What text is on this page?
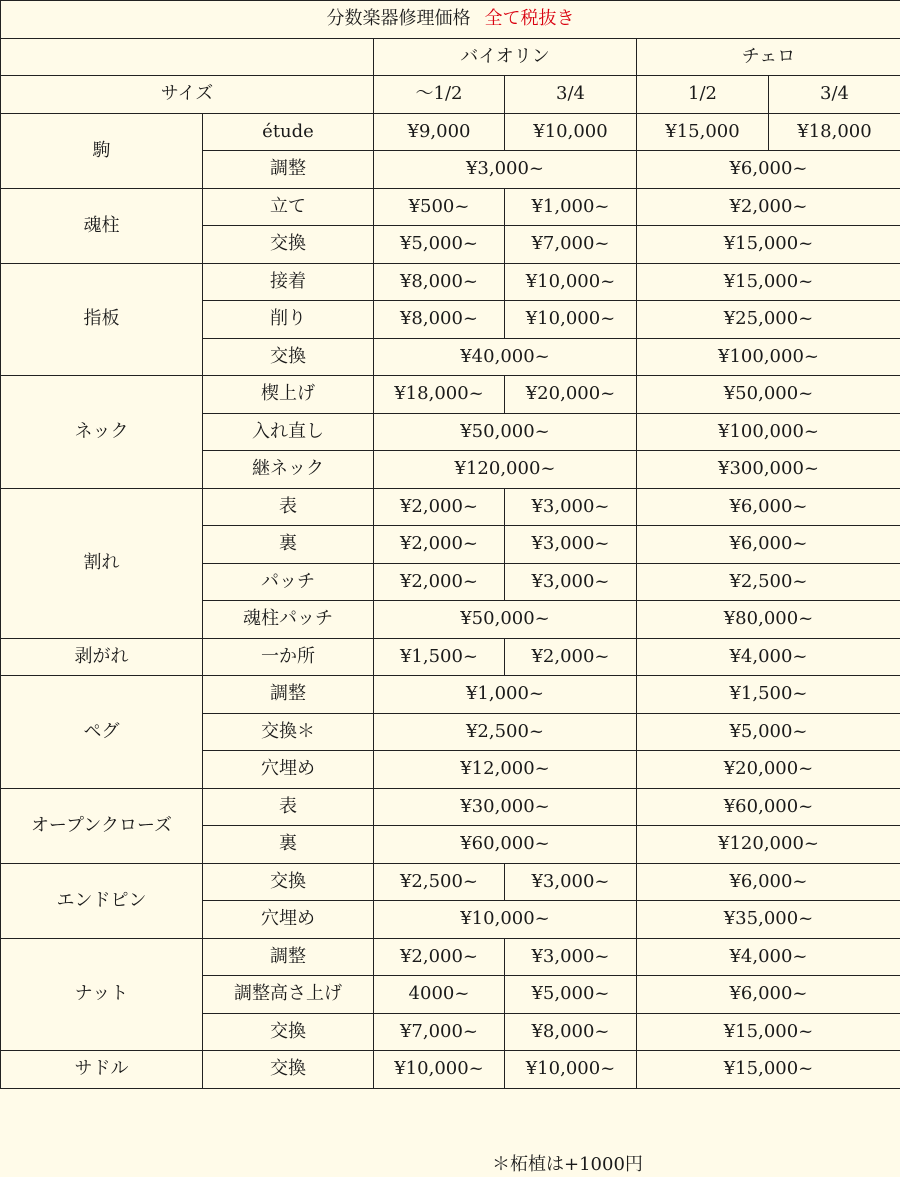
分数楽器修理価格 全て税抜き					
		バイオリン		チェロ	
サイズ		～1/2	3/4	1/2	3/4
駒	étude	¥9,000	¥10,000	¥15,000	¥18,000
	調整	¥3,000~		¥6,000~	
魂柱	立て	¥500~	¥1,000~	¥2,000~	
	交換	¥5,000~	¥7,000~	¥15,000~	
指板	接着	¥8,000~	¥10,000~	¥15,000~	
	削り	¥8,000~	¥10,000~	¥25,000~	
	交換	¥40,000~		¥100,000~	
ネック	楔上げ	¥18,000~	¥20,000~	¥50,000~	
	入れ直し	¥50,000~		¥100,000~	
	継ネック	¥120,000~		¥300,000~	
割れ	表	¥2,000~	¥3,000~	¥6,000~	
	裏	¥2,000~	¥3,000~	¥6,000~	
	パッチ	¥2,000~	¥3,000~	¥2,500~	
	魂柱パッチ	¥50,000~		¥80,000~	
剥がれ	一か所	¥1,500~	¥2,000~	¥4,000~	
ペグ	調整	¥1,000~		¥1,500~	
	交換＊	¥2,500~		¥5,000~	
	穴埋め	¥12,000~		¥20,000~	
オープンクローズ	表	¥30,000~		¥60,000~	
	裏	¥60,000~		¥120,000~	
エンドピン	交換	¥2,500~	¥3,000~	¥6,000~	
	穴埋め	¥10,000~		¥35,000~	
ナット	調整	¥2,000~	¥3,000~	¥4,000~	
	調整高さ上げ	4000~	¥5,000~	¥6,000~	
	交換	¥7,000~	¥8,000~	¥15,000~	
サドル	交換	¥10,000~	¥10,000~	¥15,000~	
＊柘植は+1000円
